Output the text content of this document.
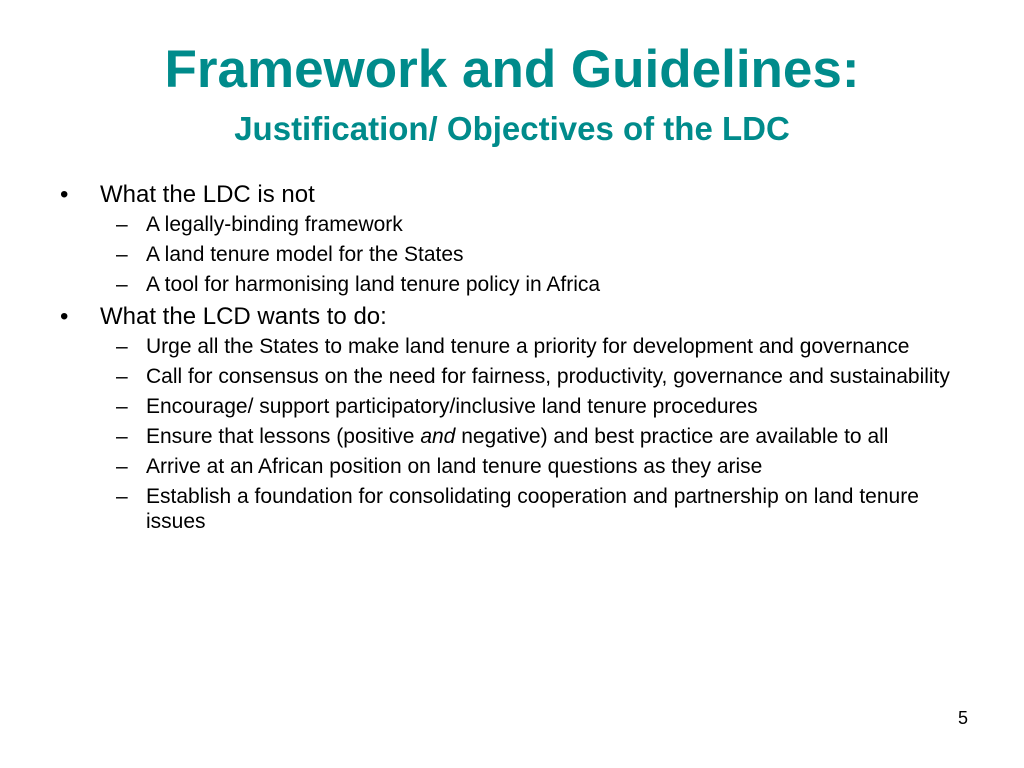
Framework and Guidelines:
Justification/ Objectives of the LDC
•	What the LDC is not
– A legally-binding framework
– A land tenure model for the States
– A tool for harmonising land tenure policy in Africa
•	What the LCD wants to do:
– Urge all the States to make land tenure a priority for development and governance
– Call for consensus on the need for fairness, productivity, governance and sustainability
– Encourage/ support participatory/inclusive land tenure procedures
– Ensure that lessons (positive and negative) and best practice are available to all
– Arrive at an African position on land tenure questions as they arise
– Establish a foundation for consolidating cooperation and partnership on land tenure issues
5
